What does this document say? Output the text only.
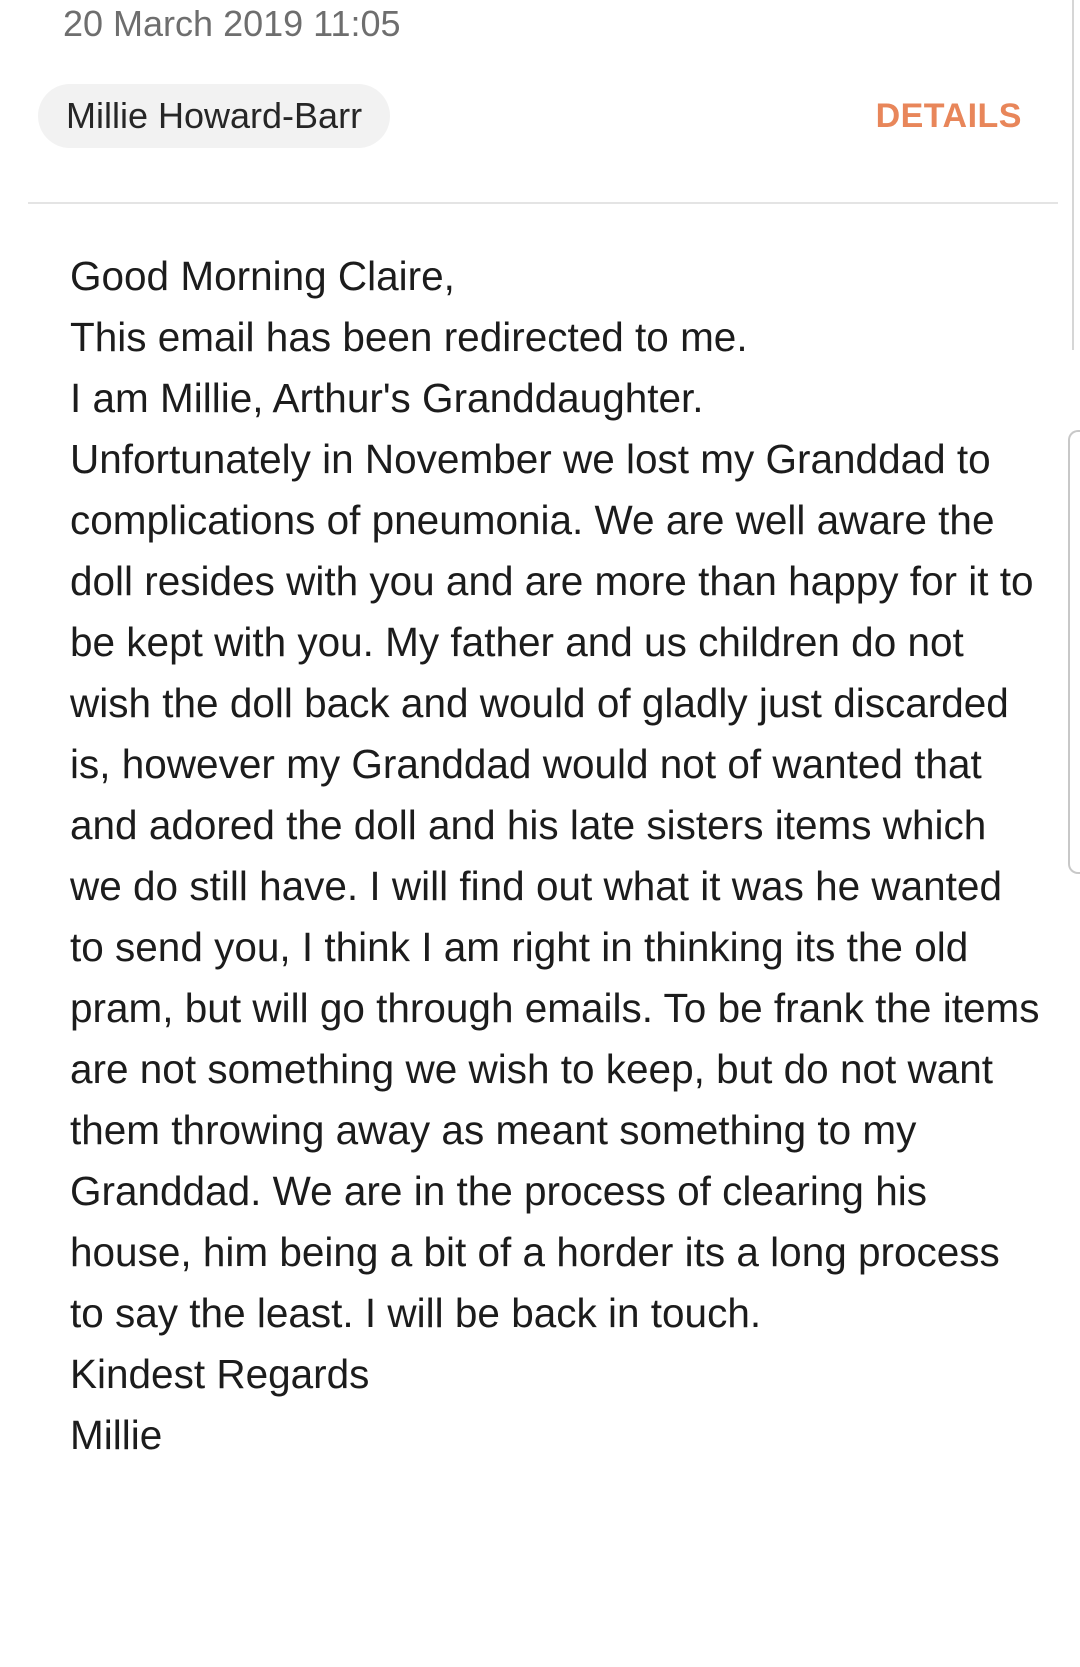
20 March 2019 11:05
Millie Howard-Barr	DETAILS

Good Morning Claire,

This email has been redirected to me.

I am Millie, Arthur's Granddaughter.

Unfortunately in November we lost my Granddad to complications of pneumonia. We are well aware the doll resides with you and are more than happy for it to be kept with you. My father and us children do not wish the doll back and would of gladly just discarded is, however my Granddad would not of wanted that and adored the doll and his late sisters items which we do still have. I will find out what it was he wanted to send you, I think I am right in thinking its the old pram, but will go through emails. To be frank the items are not something we wish to keep, but do not want them throwing away as meant something to my Granddad. We are in the process of clearing his house, him being a bit of a horder its a long process to say the least. I will be back in touch.

Kindest Regards

Millie
